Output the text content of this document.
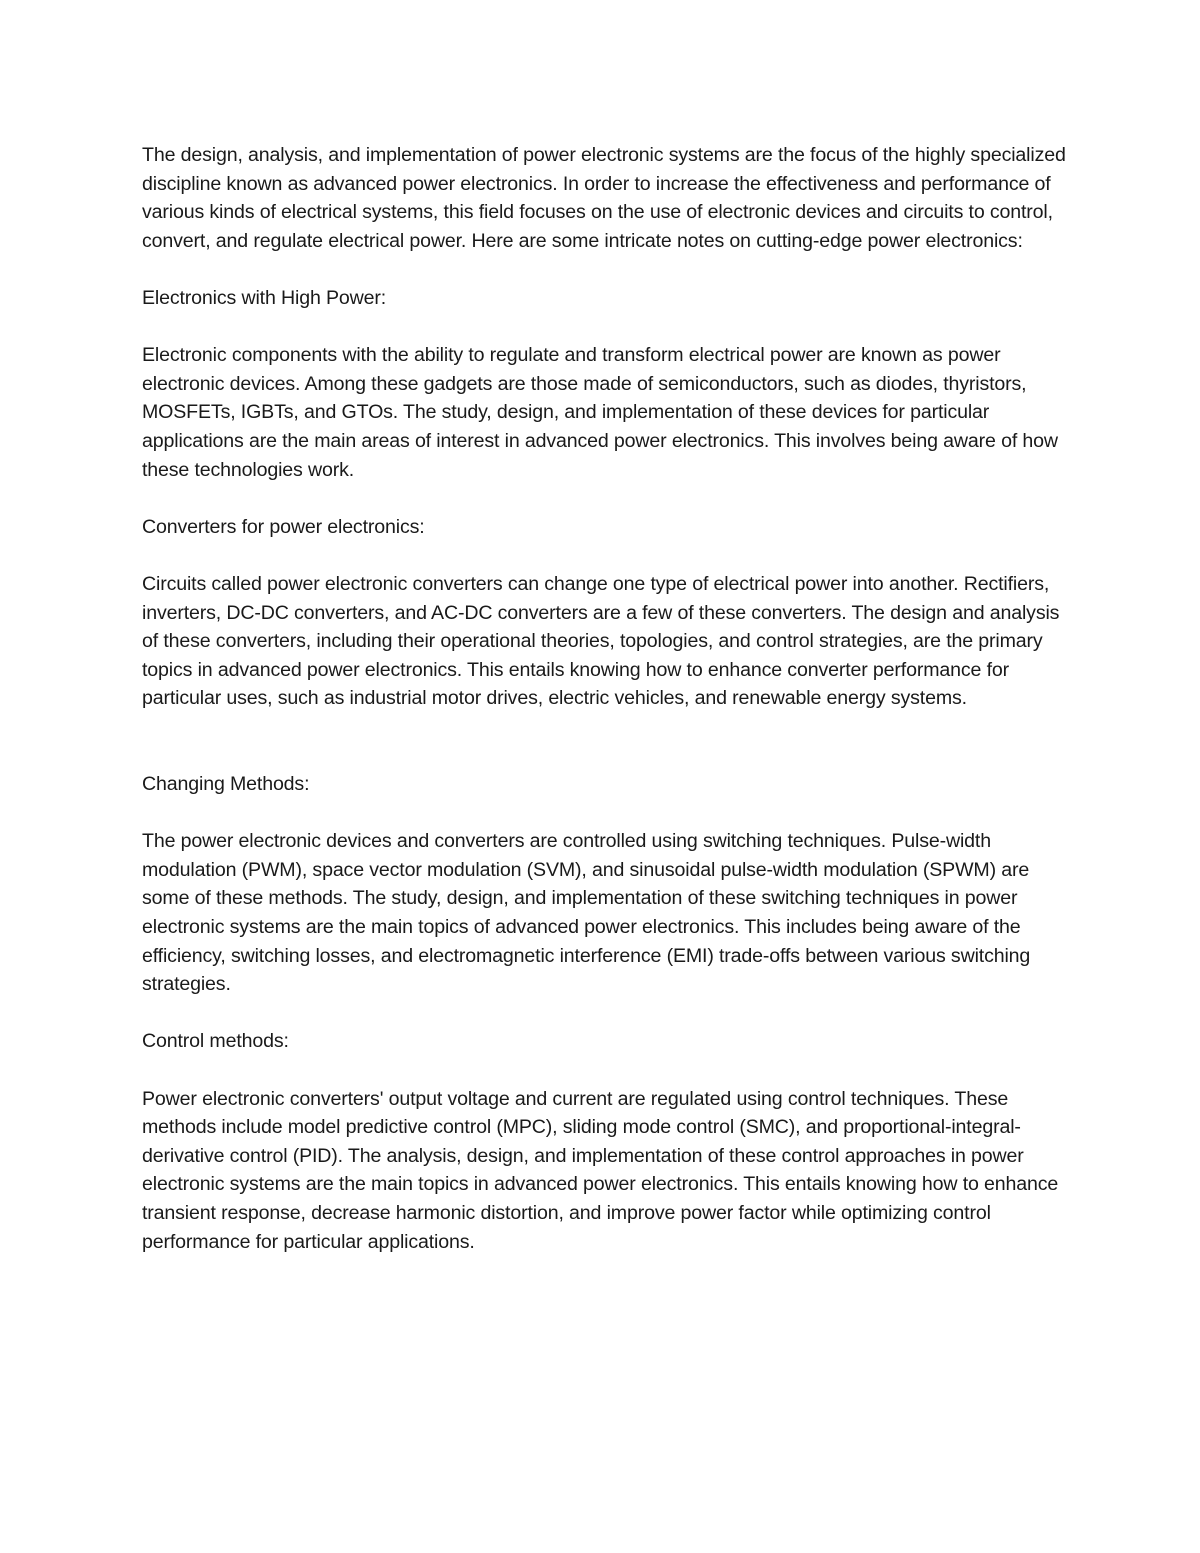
The design, analysis, and implementation of power electronic systems are the focus of the highly specialized discipline known as advanced power electronics. In order to increase the effectiveness and performance of various kinds of electrical systems, this field focuses on the use of electronic devices and circuits to control, convert, and regulate electrical power. Here are some intricate notes on cutting-edge power electronics:

Electronics with High Power:

Electronic components with the ability to regulate and transform electrical power are known as power electronic devices. Among these gadgets are those made of semiconductors, such as diodes, thyristors, MOSFETs, IGBTs, and GTOs. The study, design, and implementation of these devices for particular applications are the main areas of interest in advanced power electronics. This involves being aware of how these technologies work.

Converters for power electronics:

Circuits called power electronic converters can change one type of electrical power into another. Rectifiers, inverters, DC-DC converters, and AC-DC converters are a few of these converters. The design and analysis of these converters, including their operational theories, topologies, and control strategies, are the primary topics in advanced power electronics. This entails knowing how to enhance converter performance for particular uses, such as industrial motor drives, electric vehicles, and renewable energy systems.

Changing Methods:

The power electronic devices and converters are controlled using switching techniques. Pulse-width modulation (PWM), space vector modulation (SVM), and sinusoidal pulse-width modulation (SPWM) are some of these methods. The study, design, and implementation of these switching techniques in power electronic systems are the main topics of advanced power electronics. This includes being aware of the efficiency, switching losses, and electromagnetic interference (EMI) trade-offs between various switching strategies.

Control methods:

Power electronic converters' output voltage and current are regulated using control techniques. These methods include model predictive control (MPC), sliding mode control (SMC), and proportional-integral-derivative control (PID). The analysis, design, and implementation of these control approaches in power electronic systems are the main topics in advanced power electronics. This entails knowing how to enhance transient response, decrease harmonic distortion, and improve power factor while optimizing control performance for particular applications.
